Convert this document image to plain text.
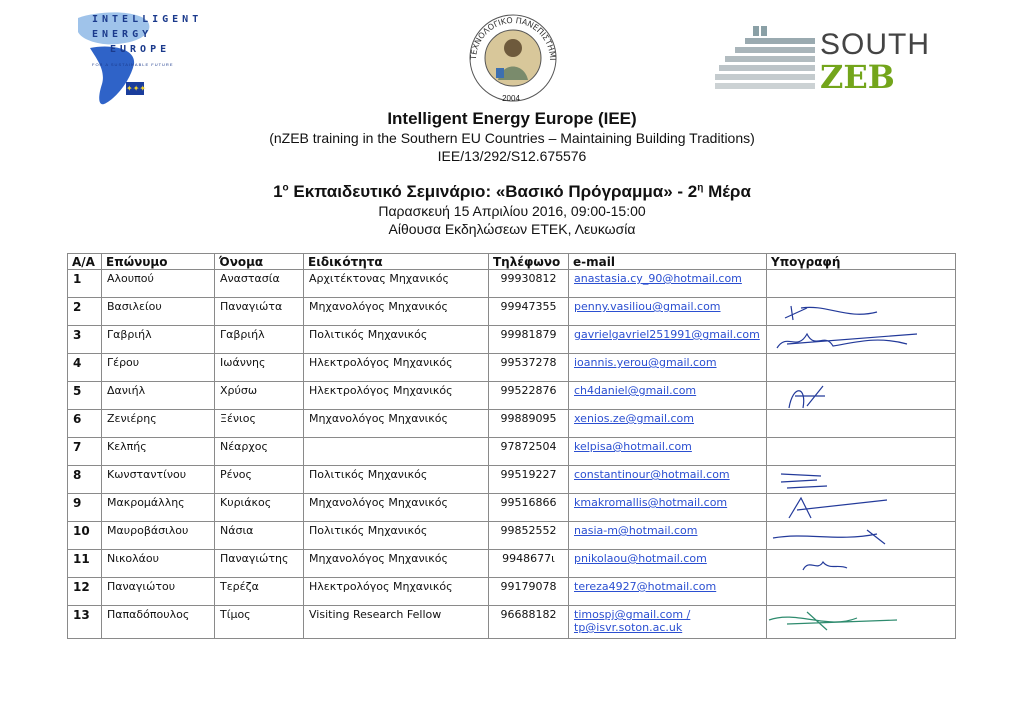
INTELLIGENT
ENERGY
EUROPE
FOR A SUSTAINABLE FUTURE
✦✦✦
ΤΕΧΝΟΛΟΓΙΚΟ ΠΑΝΕΠΙΣΤΗΜΙ
2004
SOUTH
ZEB
Intelligent Energy Europe (IEE)
(nZEB training in the Southern EU Countries – Maintaining Building Traditions)
IEE/13/292/S12.675576
$1^o$ Εκπαιδευτικό Σεμινάριο: «Βασικό Πρόγραμμα» - $2^\eta$ Μέρα
Παρασκευή 15 Απριλίου 2016, 09:00-15:00
Αίθουσα Εκδηλώσεων ΕΤΕΚ, Λευκωσία
Α/Α	Επώνυμο	Όνομα	Ειδικότητα	Τηλέφωνο	e-mail	Υπογραφή
1	Αλουπού	Αναστασία	Αρχιτέκτονας Μηχανικός	99930812	anastasia.cy_90@hotmail.com	
2	Βασιλείου	Παναγιώτα	Μηχανολόγος Μηχανικός	99947355	penny.vasiliou@gmail.com	

3	Γαβριήλ	Γαβριήλ	Πολιτικός Μηχανικός	99981879	gavrielgavriel251991@gmail.com	

4	Γέρου	Ιωάννης	Ηλεκτρολόγος Μηχανικός	99537278	ioannis.yerou@gmail.com	
5	Δανιήλ	Χρύσω	Ηλεκτρολόγος Μηχανικός	99522876	ch4daniel@gmail.com	

6	Ζενιέρης	Ξένιος	Μηχανολόγος Μηχανικός	99889095	xenios.ze@gmail.com	
7	Κελπής	Νέαρχος		97872504	kelpisa@hotmail.com	
8	Κωνσταντίνου	Ρένος	Πολιτικός Μηχανικός	99519227	constantinour@hotmail.com	

9	Μακρομάλλης	Κυριάκος	Μηχανολόγος Μηχανικός	99516866	kmakromallis@hotmail.com	

10	Μαυροβάσιλου	Νάσια	Πολιτικός Μηχανικός	99852552	nasia-m@hotmail.com	

11	Νικολάου	Παναγιώτης	Μηχανολόγος Μηχανικός	9948677ι	pnikolaou@hotmail.com	

12	Παναγιώτου	Τερέζα	Ηλεκτρολόγος Μηχανικός	99179078	tereza4927@hotmail.com	
13	Παπαδόπουλος	Τίμος	Visiting Research Fellow	96688182	timospj@gmail.com /
tp@isvr.soton.ac.uk	
